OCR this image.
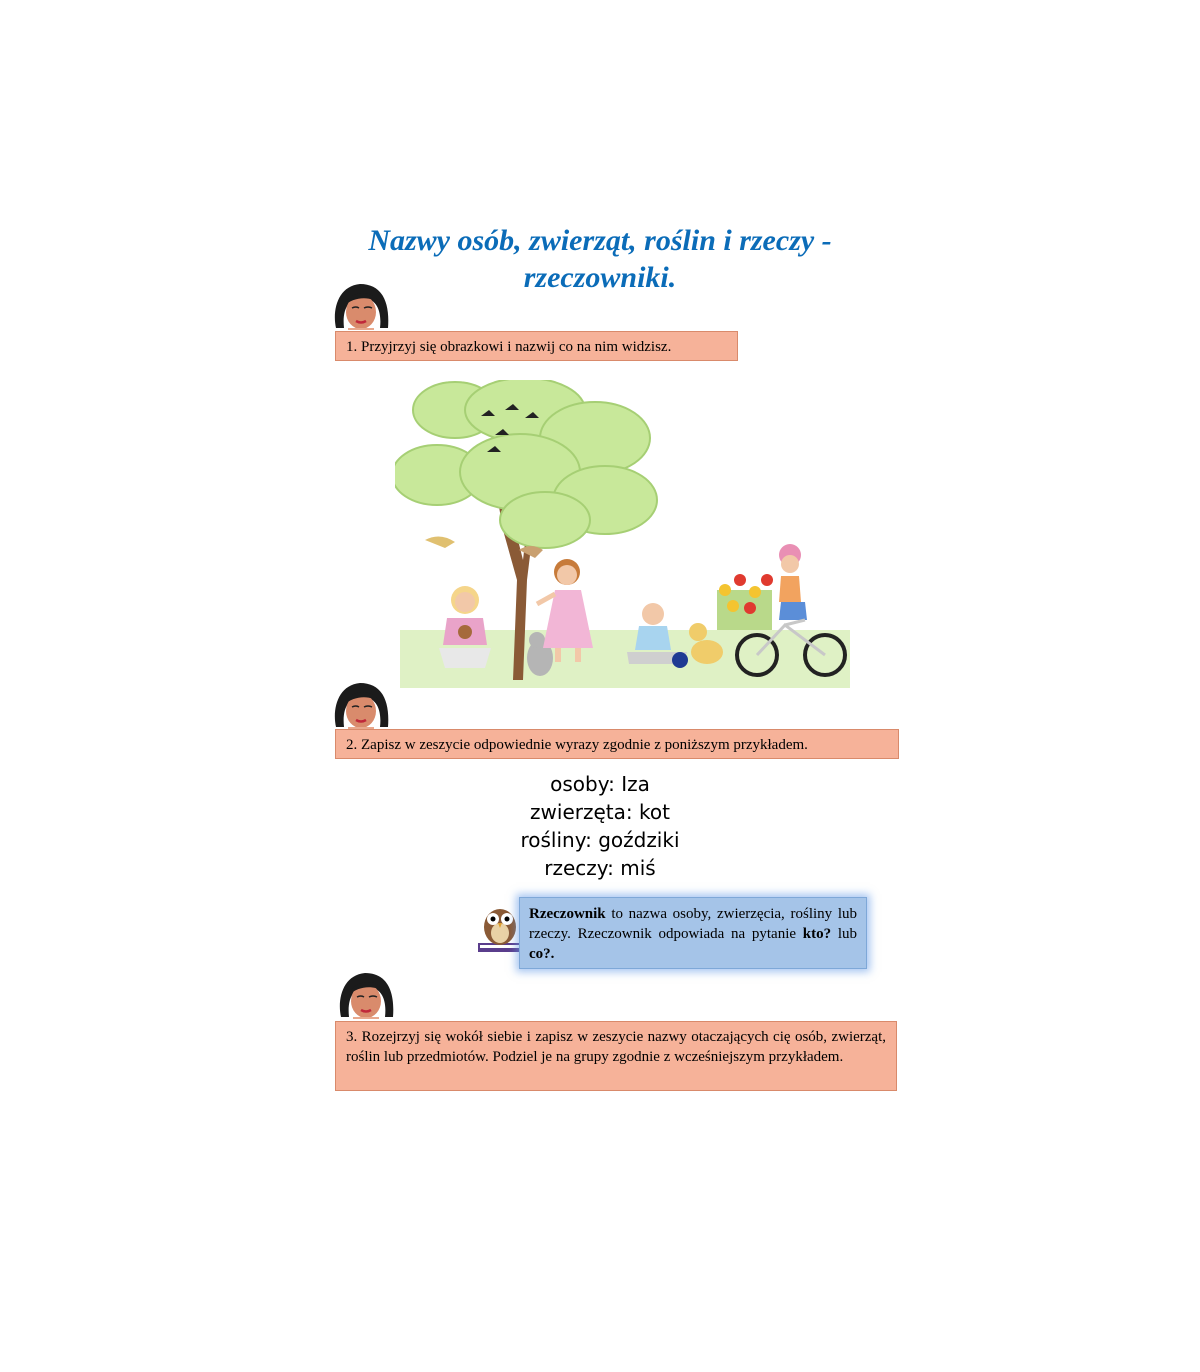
Nazwy osób, zwierząt, roślin i rzeczy -
rzeczowniki.
1. Przyjrzyj się obrazkowi i nazwij co na nim widzisz.
2. Zapisz w zeszycie odpowiednie wyrazy zgodnie z poniższym przykładem.
osoby: Iza
zwierzęta: kot
rośliny: goździki
rzeczy: miś
Rzeczownik to nazwa osoby, zwierzęcia, rośliny lub rzeczy. Rzeczownik odpowiada na pytanie kto? lub co?.
3. Rozejrzyj się wokół siebie i zapisz w zeszycie nazwy otaczających cię osób, zwierząt, roślin lub przedmiotów. Podziel je na grupy zgodnie z wcześniejszym przykładem.
